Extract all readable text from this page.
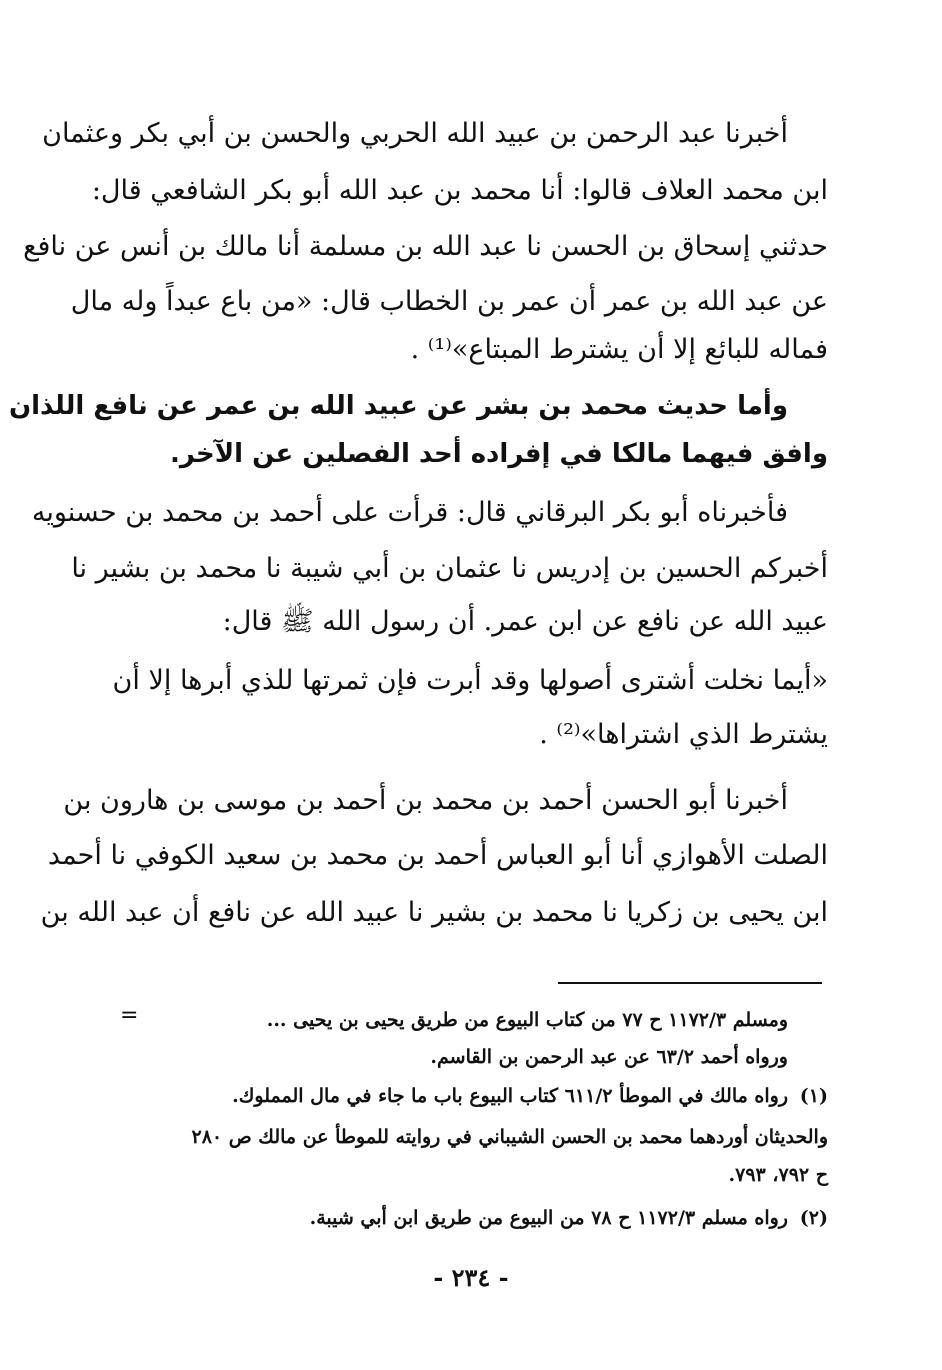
أخبرنا عبد الرحمن بن عبيد الله الحربي والحسن بن أبي بكر وعثمان
ابن محمد العلاف قالوا: أنا محمد بن عبد الله أبو بكر الشافعي قال:
حدثني إسحاق بن الحسن نا عبد الله بن مسلمة أنا مالك بن أنس عن نافع
عن عبد الله بن عمر أن عمر بن الخطاب قال: «من باع عبداً وله مال
فماله للبائع إلا أن يشترط المبتاع»⁽¹⁾ .
وأما حديث محمد بن بشر عن عبيد الله بن عمر عن نافع اللذان
وافق فيهما مالكا في إفراده أحد الفصلين عن الآخر.
فأخبرناه أبو بكر البرقاني قال: قرأت على أحمد بن محمد بن حسنويه
أخبركم الحسين بن إدريس نا عثمان بن أبي شيبة نا محمد بن بشير نا
عبيد الله عن نافع عن ابن عمر. أن رسول الله ﷺ قال:
«أيما نخلت أشترى أصولها وقد أبرت فإن ثمرتها للذي أبرها إلا أن
يشترط الذي اشتراها»⁽²⁾ .
أخبرنا أبو الحسن أحمد بن محمد بن أحمد بن موسى بن هارون بن
الصلت الأهوازي أنا أبو العباس أحمد بن محمد بن سعيد الكوفي نا أحمد
ابن يحيى بن زكريا نا محمد بن بشير نا عبيد الله عن نافع أن عبد الله بن
=	ومسلم ١١٧٢/٣ ح ٧٧ من كتاب البيوع من طريق يحيى بن يحيى ...
ورواه أحمد ٦٣/٢ عن عبد الرحمن بن القاسم.
(١)رواه مالك في الموطأ ٦١١/٢ كتاب البيوع باب ما جاء في مال المملوك.
والحديثان أوردهما محمد بن الحسن الشيباني في روايته للموطأ عن مالك ص ٢٨٠
ح ٧٩٢، ٧٩٣.
(٢)رواه مسلم ١١٧٢/٣ ح ٧٨ من البيوع من طريق ابن أبي شيبة.
- ٢٣٤ -
